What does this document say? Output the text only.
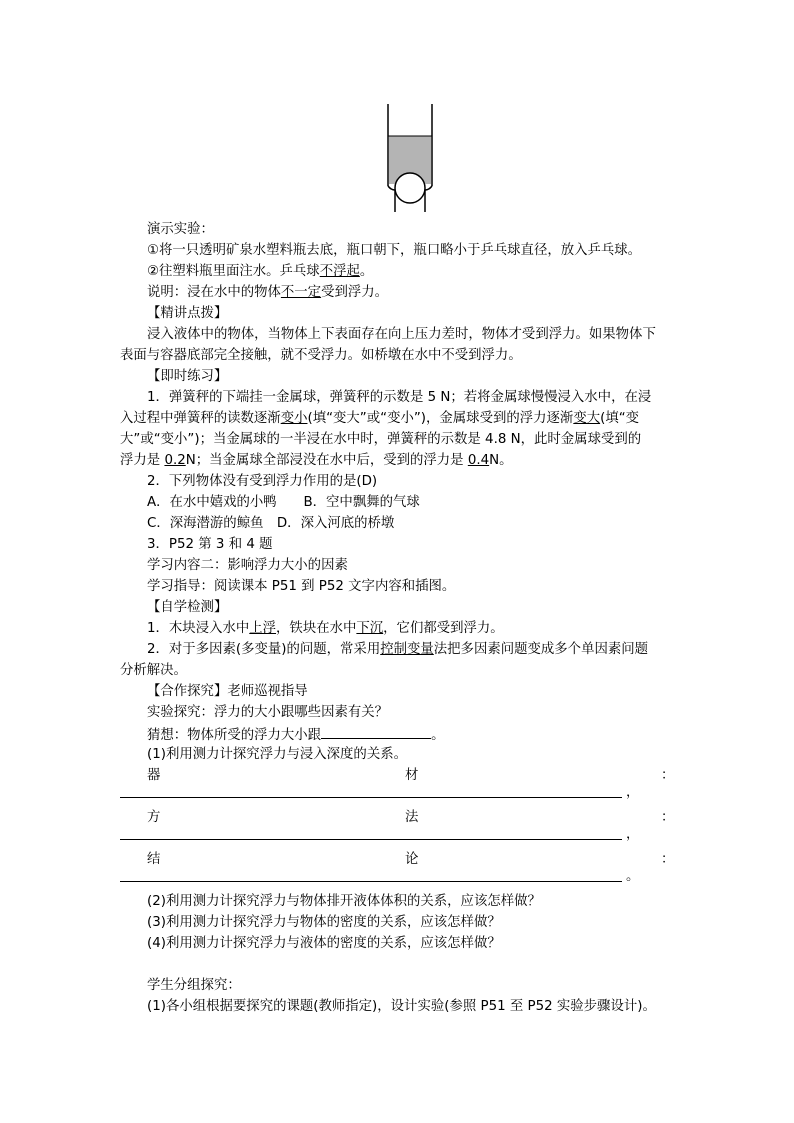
演示实验：
①将一只透明矿泉水塑料瓶去底，瓶口朝下，瓶口略小于乒乓球直径，放入乒乓球。
②往塑料瓶里面注水。乒乓球不浮起。
说明：浸在水中的物体不一定受到浮力。
【精讲点拨】
浸入液体中的物体，当物体上下表面存在向上压力差时，物体才受到浮力。如果物体下
表面与容器底部完全接触，就不受浮力。如桥墩在水中不受到浮力。
【即时练习】
1．弹簧秤的下端挂一金属球，弹簧秤的示数是 5 N；若将金属球慢慢浸入水中，在浸
入过程中弹簧秤的读数逐渐变小(填“变大”或“变小”)，金属球受到的浮力逐渐变大(填“变
大”或“变小”)；当金属球的一半浸在水中时，弹簧秤的示数是 4.8 N，此时金属球受到的
浮力是 0.2N；当金属球全部浸没在水中后，受到的浮力是 0.4N。
2．下列物体没有受到浮力作用的是(D)
A．在水中嬉戏的小鸭　　B．空中飘舞的气球
C．深海潜游的鲸鱼　D．深入河底的桥墩
3．P52 第 3 和 4 题
学习内容二：影响浮力大小的因素
学习指导：阅读课本 P51 到 P52 文字内容和插图。
【自学检测】
1．木块浸入水中上浮，铁块在水中下沉，它们都受到浮力。
2．对于多因素(多变量)的问题，常采用控制变量法把多因素问题变成多个单因素问题
分析解决。
【合作探究】老师巡视指导
实验探究：浮力的大小跟哪些因素有关？
猜想：物体所受的浮力大小跟	。
(1)利用测力计探究浮力与浸入深度的关系。
器	材	：
，
方	法	：
，
结	论	：
。
(2)利用测力计探究浮力与物体排开液体体积的关系，应该怎样做？
(3)利用测力计探究浮力与物体的密度的关系，应该怎样做？
(4)利用测力计探究浮力与液体的密度的关系，应该怎样做？
学生分组探究：
(1)各小组根据要探究的课题(教师指定)，设计实验(参照 P51 至 P52 实验步骤设计)。
